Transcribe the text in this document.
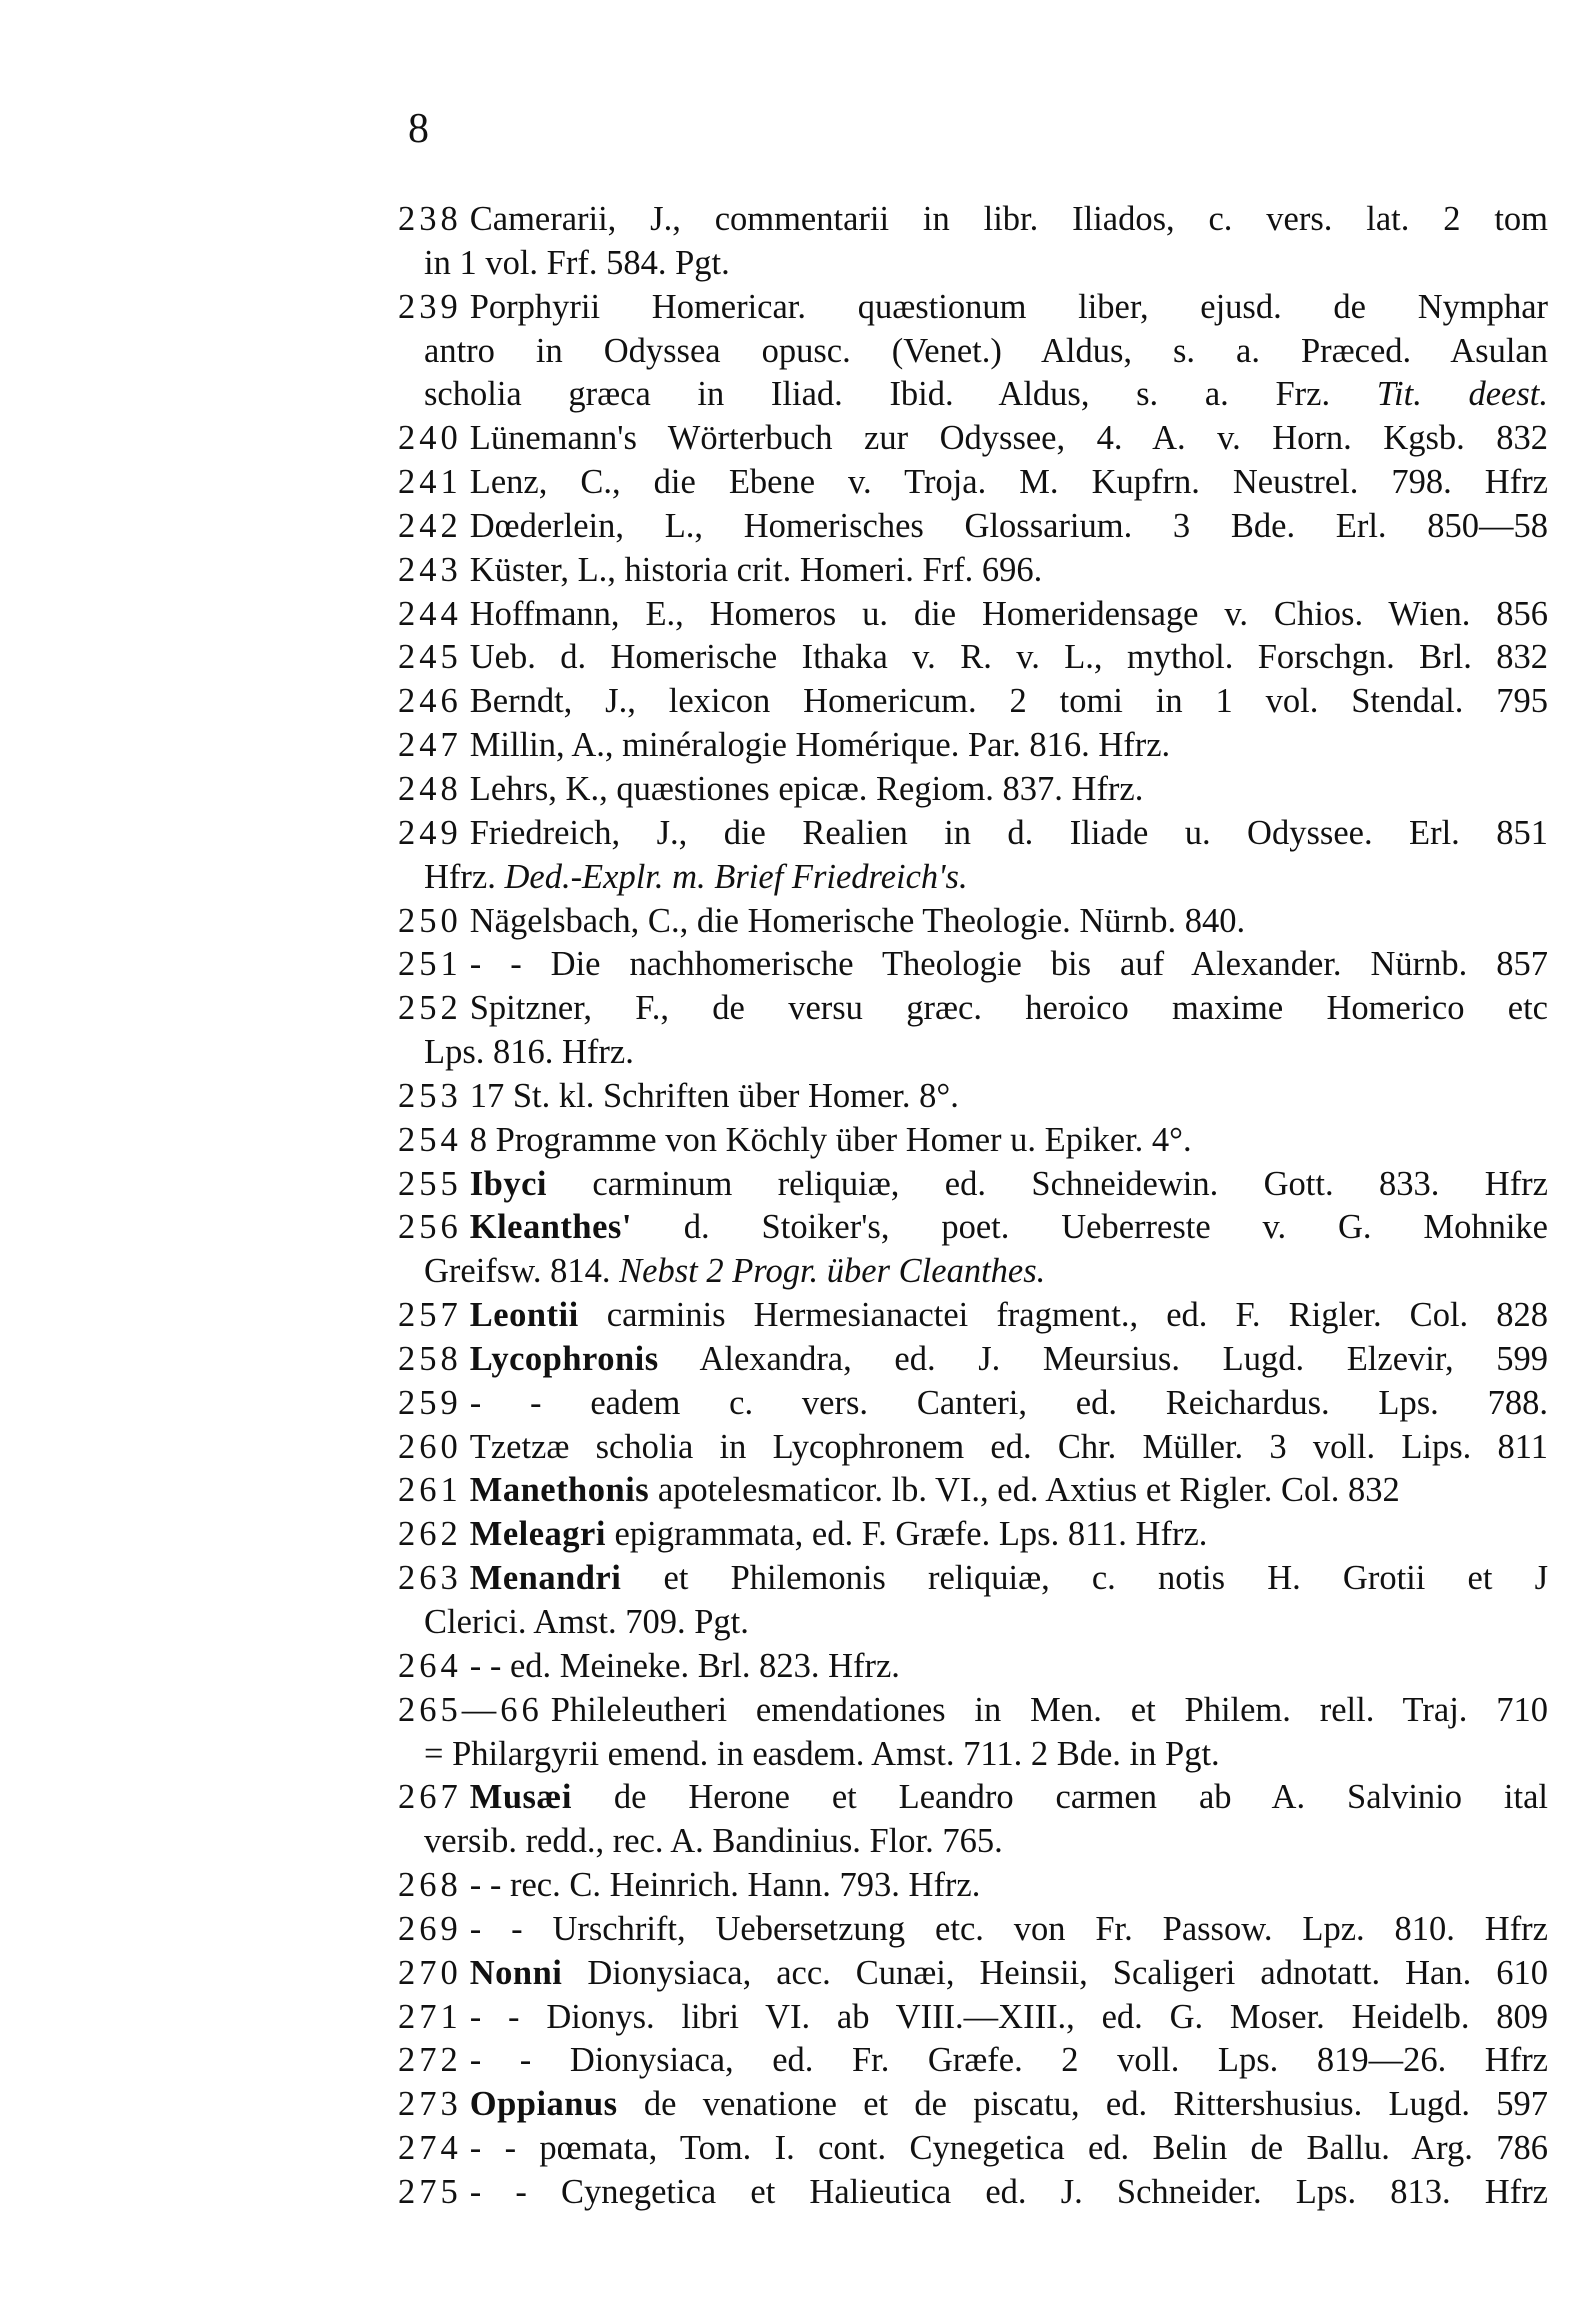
8
238 Camerarii, J., commentarii in libr. Iliados, c. vers. lat. 2 tom
in 1 vol. Frf. 584. Pgt.
239 Porphyrii Homericar. quæstionum liber, ejusd. de Nymphar
antro in Odyssea opusc. (Venet.) Aldus, s. a. Præced. Asulan
scholia græca in Iliad. Ibid. Aldus, s. a. Frz. Tit. deest.
240 Lünemann's Wörterbuch zur Odyssee, 4. A. v. Horn. Kgsb. 832
241 Lenz, C., die Ebene v. Troja. M. Kupfrn. Neustrel. 798. Hfrz
242 Dœderlein, L., Homerisches Glossarium. 3 Bde. Erl. 850—58
243 Küster, L., historia crit. Homeri. Frf. 696.
244 Hoffmann, E., Homeros u. die Homeridensage v. Chios. Wien. 856
245 Ueb. d. Homerische Ithaka v. R. v. L., mythol. Forschgn. Brl. 832
246 Berndt, J., lexicon Homericum. 2 tomi in 1 vol. Stendal. 795
247 Millin, A., minéralogie Homérique. Par. 816. Hfrz.
248 Lehrs, K., quæstiones epicæ. Regiom. 837. Hfrz.
249 Friedreich, J., die Realien in d. Iliade u. Odyssee. Erl. 851
Hfrz. Ded.-Explr. m. Brief Friedreich's.
250 Nägelsbach, C., die Homerische Theologie. Nürnb. 840.
251 - - Die nachhomerische Theologie bis auf Alexander. Nürnb. 857
252 Spitzner, F., de versu græc. heroico maxime Homerico etc
Lps. 816. Hfrz.
253 17 St. kl. Schriften über Homer. 8°.
254 8 Programme von Köchly über Homer u. Epiker. 4°.
255 Ibyci carminum reliquiæ, ed. Schneidewin. Gott. 833. Hfrz
256 Kleanthes' d. Stoiker's, poet. Ueberreste v. G. Mohnike
Greifsw. 814. Nebst 2 Progr. über Cleanthes.
257 Leontii carminis Hermesianactei fragment., ed. F. Rigler. Col. 828
258 Lycophronis Alexandra, ed. J. Meursius. Lugd. Elzevir, 599
259 - - eadem c. vers. Canteri, ed. Reichardus. Lps. 788.
260 Tzetzæ scholia in Lycophronem ed. Chr. Müller. 3 voll. Lips. 811
261 Manethonis apotelesmaticor. lb. VI., ed. Axtius et Rigler. Col. 832
262 Meleagri epigrammata, ed. F. Græfe. Lps. 811. Hfrz.
263 Menandri et Philemonis reliquiæ, c. notis H. Grotii et J
Clerici. Amst. 709. Pgt.
264 - - ed. Meineke. Brl. 823. Hfrz.
265—66 Phileleutheri emendationes in Men. et Philem. rell. Traj. 710
= Philargyrii emend. in easdem. Amst. 711. 2 Bde. in Pgt.
267 Musæi de Herone et Leandro carmen ab A. Salvinio ital
versib. redd., rec. A. Bandinius. Flor. 765.
268 - - rec. C. Heinrich. Hann. 793. Hfrz.
269 - - Urschrift, Uebersetzung etc. von Fr. Passow. Lpz. 810. Hfrz
270 Nonni Dionysiaca, acc. Cunæi, Heinsii, Scaligeri adnotatt. Han. 610
271 - - Dionys. libri VI. ab VIII.—XIII., ed. G. Moser. Heidelb. 809
272 - - Dionysiaca, ed. Fr. Græfe. 2 voll. Lps. 819—26. Hfrz
273 Oppianus de venatione et de piscatu, ed. Rittershusius. Lugd. 597
274 - - pœmata, Tom. I. cont. Cynegetica ed. Belin de Ballu. Arg. 786
275 - - Cynegetica et Halieutica ed. J. Schneider. Lps. 813. Hfrz
